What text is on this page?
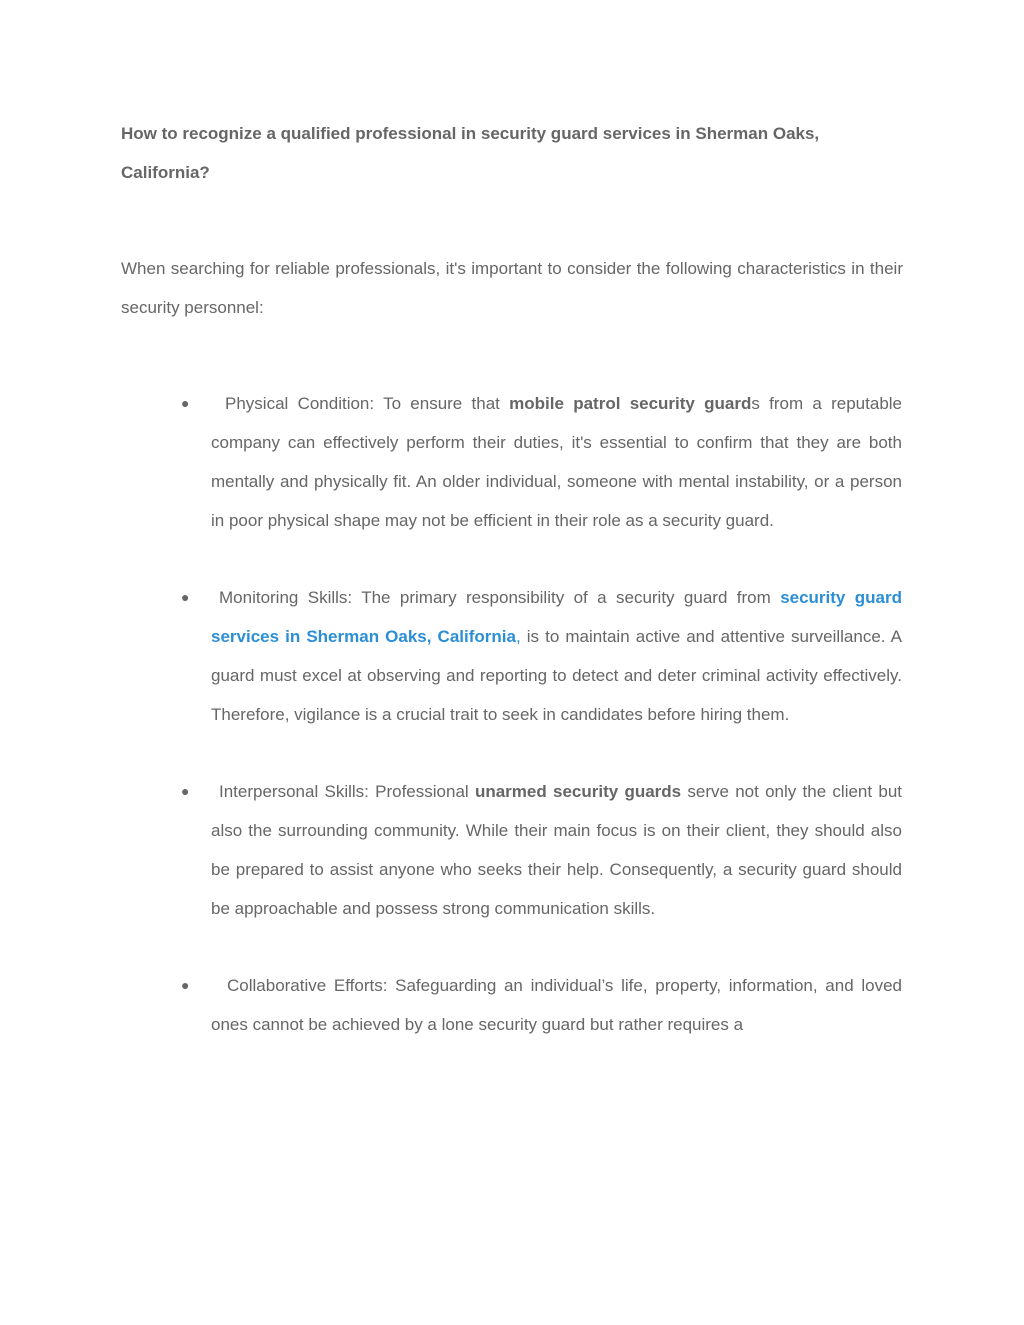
How to recognize a qualified professional in security guard services in Sherman Oaks, California?

When searching for reliable professionals, it's important to consider the following characteristics in their security personnel:

●	Physical Condition: To ensure that mobile patrol security guards from a reputable company can effectively perform their duties, it's essential to confirm that they are both mentally and physically fit. An older individual, someone with mental instability, or a person in poor physical shape may not be efficient in their role as a security guard.

●	Monitoring Skills: The primary responsibility of a security guard from security guard services in Sherman Oaks, California, is to maintain active and attentive surveillance. A guard must excel at observing and reporting to detect and deter criminal activity effectively. Therefore, vigilance is a crucial trait to seek in candidates before hiring them.

●	Interpersonal Skills: Professional unarmed security guards serve not only the client but also the surrounding community. While their main focus is on their client, they should also be prepared to assist anyone who seeks their help. Consequently, a security guard should be approachable and possess strong communication skills.

●	Collaborative Efforts: Safeguarding an individual’s life, property, information, and loved ones cannot be achieved by a lone security guard but rather requires a
